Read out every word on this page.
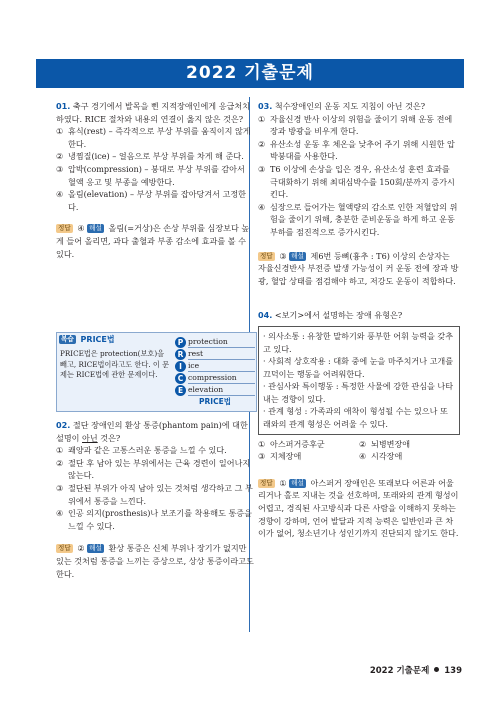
2022 기출문제

01. 축구 경기에서 발목을 삔 지적장애인에게 응급처치하였다. RICE 절차와 내용의 연결이 옳지 않은 것은?

① 휴식(rest) – 즉각적으로 부상 부위를 움직이지 않게 한다.
② 냉찜질(ice) – 얼음으로 부상 부위를 차게 해 준다.
③ 압박(compression) – 붕대로 부상 부위를 감아서 혈액 응고 및 부종을 예방한다.
④ 올림(elevation) – 부상 부위를 잡아당겨서 고정한다.

정답 ④ 해설 올림(=거상)은 손상 부위를 심장보다 높게 들어 올리면, 과다 출혈과 부종 감소에 효과를 볼 수 있다.

복습 PRICE법
PRICE법은 protection(보호)을 빼고, RICE법이라고도 한다. 이 문제는 RICE법에 관한 문제이다.
P protection
R rest
I ice
C compression
E elevation
PRICE법

02. 절단 장애인의 환상 통증(phantom pain)에 대한 설명이 아닌 것은?

① 쾌양과 같은 고통스러운 통증을 느낄 수 있다.
② 절단 후 남아 있는 부위에서는 근육 경련이 일어나지 않는다.
③ 절단된 부위가 아직 남아 있는 것처럼 생각하고 그 부위에서 통증을 느낀다.
④ 인공 의지(prosthesis)나 보조기를 착용해도 통증을 느낄 수 있다.

정답 ② 해설 환상 통증은 신체 부위나 장기가 없지만 있는 것처럼 통증을 느끼는 증상으로, 상상 통증이라고도 한다.

03. 척수장애인의 운동 지도 지침이 아닌 것은?

① 자율신경 반사 이상의 위험을 줄이기 위해 운동 전에 장과 방광을 비우게 한다.
② 유산소성 운동 후 체온을 낮추어 주기 위해 시원한 압박붕대를 사용한다.
③ T6 이상에 손상을 입은 경우, 유산소성 훈련 효과를 극대화하기 위해 최대심박수를 150회/분까지 증가시킨다.
④ 심장으로 들어가는 혈액량의 감소로 인한 저혈압의 위험을 줄이기 위해, 충분한 준비운동을 하게 하고 운동 부하를 점진적으로 증가시킨다.

정답 ③ 해설 제6번 등뼈(흉추 : T6) 이상의 손상자는 자율신경반사 부전증 발생 가능성이 커 운동 전에 장과 방광, 혈압 상태를 점검해야 하고, 저강도 운동이 적합하다.

04. <보기>에서 설명하는 장애 유형은?

· 의사소통 : 유창한 말하기와 풍부한 어휘 능력을 갖추고 있다.

· 사회적 상호작용 : 대화 중에 눈을 마주치거나 고개를 끄덕이는 행동을 어려워한다.

· 관심사와 특이행동 : 특정한 사물에 강한 관심을 나타내는 경향이 있다.

· 관계 형성 : 가족과의 애착이 형성될 수는 있으나 또래와의 관계 형성은 어려울 수 있다.

① 아스퍼거증후군	② 뇌병변장애
③ 지체장애	④ 시각장애

정답 ① 해설 아스퍼거 장애인은 또래보다 어른과 어울리거나 홀로 지내는 것을 선호하며, 또래와의 관계 형성이 어렵고, 경직된 사고방식과 다른 사람을 이해하지 못하는 경향이 강하며, 언어 발달과 지적 능력은 일반인과 큰 차이가 없어, 청소년기나 성인기까지 진단되지 않기도 한다.

2022 기출문제 139
